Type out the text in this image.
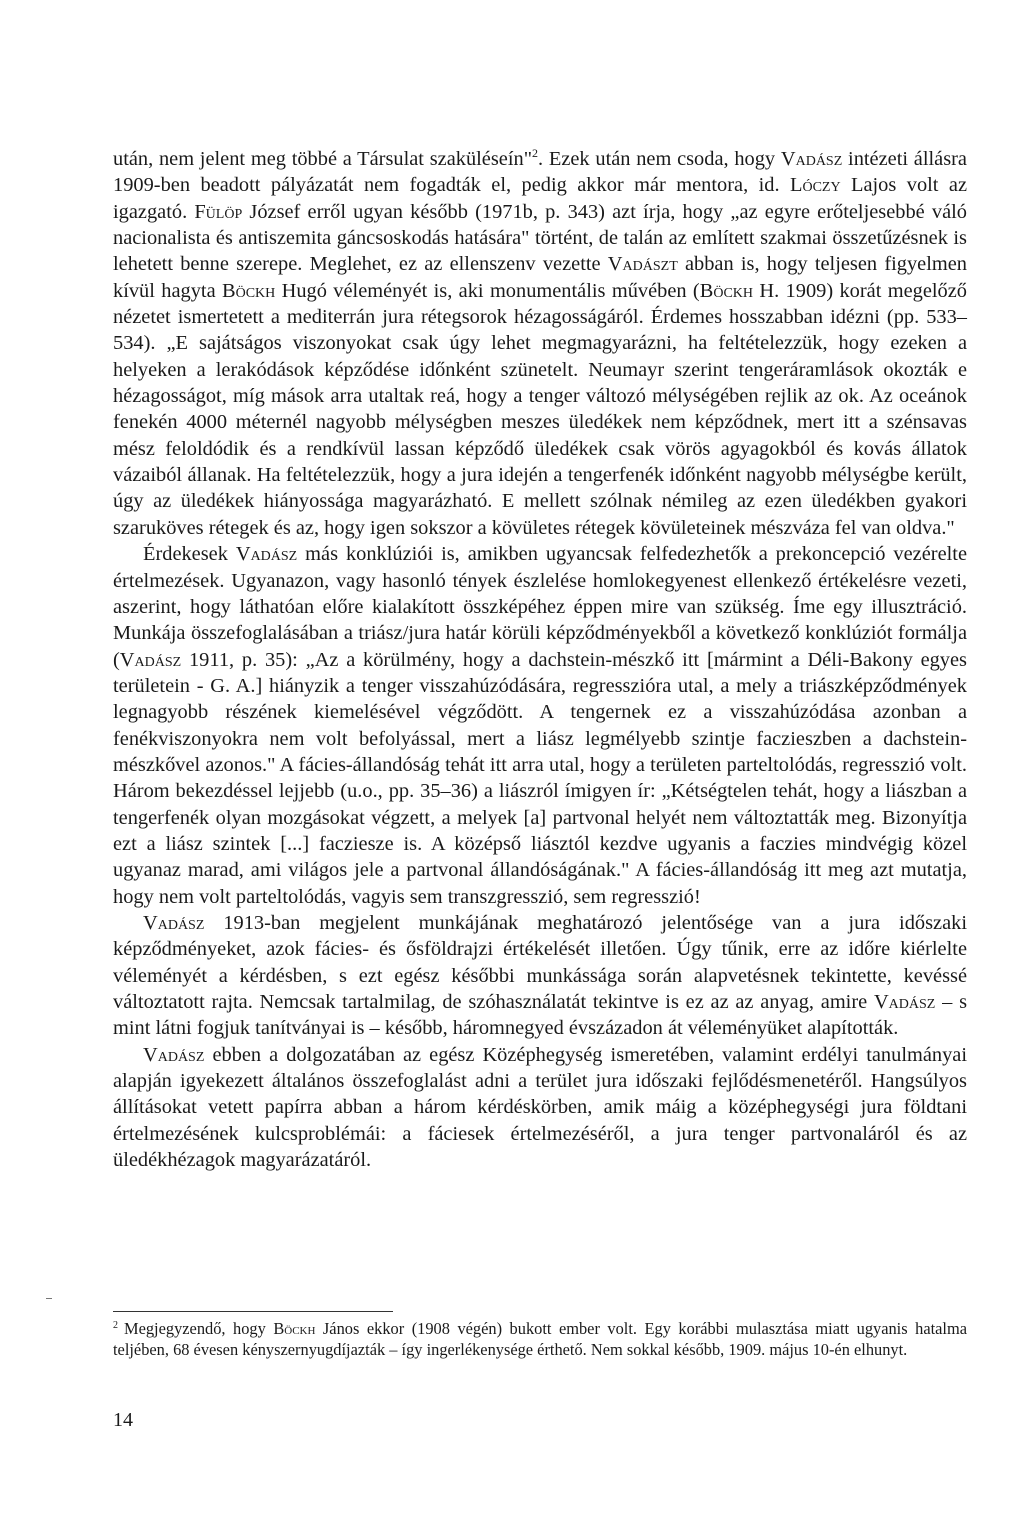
után, nem jelent meg többé a Társulat szaküléseín"$^2$. Ezek után nem csoda, hogy Vadász intézeti állásra 1909-ben beadott pályázatát nem fogadták el, pedig akkor már mentora, id. Lóczy Lajos volt az igazgató. Fülöp József erről ugyan később (1971b, p. 343) azt írja, hogy „az egyre erőteljesebbé váló nacionalista és antiszemita gáncsoskodás hatására" történt, de talán az említett szakmai összetűzésnek is lehetett benne szerepe. Meglehet, ez az ellenszenv vezette Vadászt abban is, hogy teljesen figyelmen kívül hagyta Böckh Hugó véleményét is, aki monumentális művében (Böckh H. 1909) korát megelőző nézetet ismertetett a mediterrán jura rétegsorok hézagosságáról. Érdemes hosszabban idézni (pp. 533–534). „E sajátságos viszonyokat csak úgy lehet megmagyarázni, ha feltételezzük, hogy ezeken a helyeken a lerakódások képződése időnként szünetelt. Neumayr szerint tengeráramlások okozták e hézagosságot, míg mások arra utaltak reá, hogy a tenger változó mélységében rejlik az ok. Az oceánok fenekén 4000 méternél nagyobb mélységben meszes üledékek nem képződnek, mert itt a szénsavas mész feloldódik és a rendkívül lassan képződő üledékek csak vörös agyagokból és kovás állatok vázaiból állanak. Ha feltételezzük, hogy a jura idején a tengerfenék időnként nagyobb mélységbe került, úgy az üledékek hiányossága magyarázható. E mellett szólnak némileg az ezen üledékben gyakori szaruköves rétegek és az, hogy igen sokszor a kövületes rétegek kövületeinek mészváza fel van oldva."

Érdekesek Vadász más konklúziói is, amikben ugyancsak felfedezhetők a prekoncepció vezérelte értelmezések. Ugyanazon, vagy hasonló tények észlelése homlokegyenest ellenkező értékelésre vezeti, aszerint, hogy láthatóan előre kialakított összképéhez éppen mire van szükség. Íme egy illusztráció. Munkája összefoglalásában a triász/jura határ körüli képződményekből a következő konklúziót formálja (Vadász 1911, p. 35): „Az a körülmény, hogy a dachstein-mészkő itt [mármint a Déli-Bakony egyes területein - G. A.] hiányzik a tenger visszahúzódására, regresszióra utal, a mely a triászképződmények legnagyobb részének kiemelésével végződött. A tengernek ez a visszahúzódása azonban a fenékviszonyokra nem volt befolyással, mert a liász legmélyebb szintje faczieszben a dachstein-mészkővel azonos." A fácies-állandóság tehát itt arra utal, hogy a területen parteltolódás, regresszió volt. Három bekezdéssel lejjebb (u.o., pp. 35–36) a liászról ímigyen ír: „Kétségtelen tehát, hogy a liászban a tengerfenék olyan mozgásokat végzett, a melyek [a] partvonal helyét nem változtatták meg. Bizonyítja ezt a liász szintek [...] faczieszе is. A középső liásztól kezdve ugyanis a faczies mindvégig közel ugyanaz marad, ami világos jele a partvonal állandóságának." A fácies-állandóság itt meg azt mutatja, hogy nem volt parteltolódás, vagyis sem transzgresszió, sem regresszió!

Vadász 1913-ban megjelent munkájának meghatározó jelentősége van a jura időszaki képződményeket, azok fácies- és ősföldrajzi értékelését illetően. Úgy tűnik, erre az időre kiérlelte véleményét a kérdésben, s ezt egész későbbi munkássága során alapvetésnek tekintette, kevéssé változtatott rajta. Nemcsak tartalmilag, de szóhasználatát tekintve is ez az az anyag, amire Vadász – s mint látni fogjuk tanítványai is – később, háromnegyed évszázadon át véleményüket alapították.

Vadász ebben a dolgozatában az egész Középhegység ismeretében, valamint erdélyi tanulmányai alapján igyekezett általános összefoglalást adni a terület jura időszaki fejlődésmenetéről. Hangsúlyos állításokat vetett papírra abban a három kérdéskörben, amik máig a középhegységi jura földtani értelmezésének kulcsproblémái: a fáciesek értelmezéséről, a jura tenger partvonaláról és az üledékhézagok magyarázatáról.

$^2$ Megjegyzendő, hogy Böckh János ekkor (1908 végén) bukott ember volt. Egy korábbi mulasztása miatt ugyanis hatalma teljében, 68 évesen kényszernyugdíjazták – így ingerlékenysége érthető. Nem sokkal később, 1909. május 10-én elhunyt.
14
